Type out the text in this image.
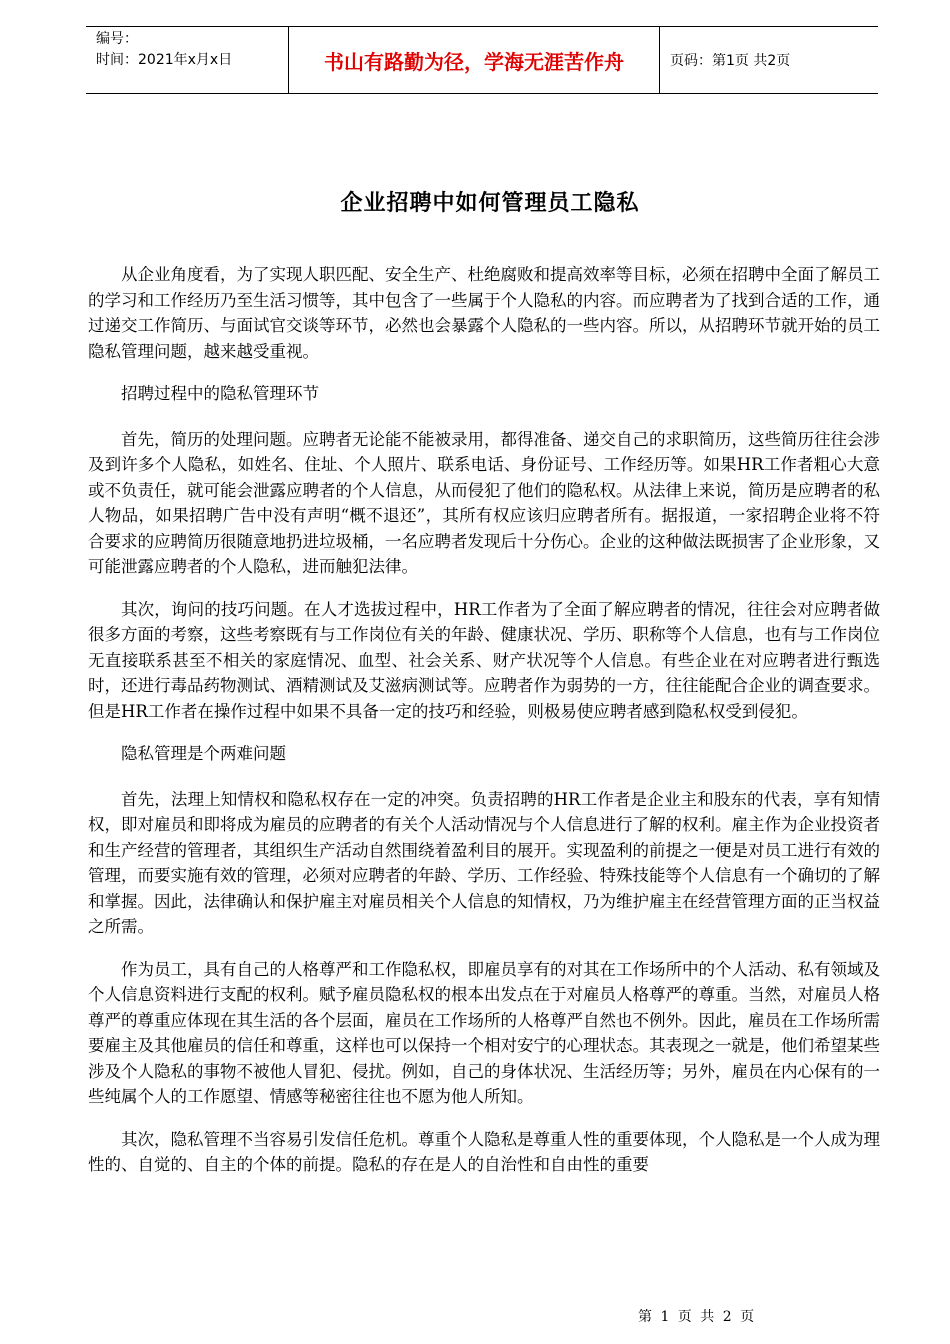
编号：
时间：2021年x月x日	书山有路勤为径，学海无涯苦作舟	页码：第1页 共2页
企业招聘中如何管理员工隐私

从企业角度看，为了实现人职匹配、安全生产、杜绝腐败和提高效率等目标，必须在招聘中全面了解员工的学习和工作经历乃至生活习惯等，其中包含了一些属于个人隐私的内容。而应聘者为了找到合适的工作，通过递交工作简历、与面试官交谈等环节，必然也会暴露个人隐私的一些内容。所以，从招聘环节就开始的员工隐私管理问题，越来越受重视。

招聘过程中的隐私管理环节

首先，简历的处理问题。应聘者无论能不能被录用，都得准备、递交自己的求职简历，这些简历往往会涉及到许多个人隐私，如姓名、住址、个人照片、联系电话、身份证号、工作经历等。如果HR工作者粗心大意或不负责任，就可能会泄露应聘者的个人信息，从而侵犯了他们的隐私权。从法律上来说，简历是应聘者的私人物品，如果招聘广告中没有声明“概不退还”，其所有权应该归应聘者所有。据报道，一家招聘企业将不符合要求的应聘简历很随意地扔进垃圾桶，一名应聘者发现后十分伤心。企业的这种做法既损害了企业形象，又可能泄露应聘者的个人隐私，进而触犯法律。

其次，询问的技巧问题。在人才选拔过程中，HR工作者为了全面了解应聘者的情况，往往会对应聘者做很多方面的考察，这些考察既有与工作岗位有关的年龄、健康状况、学历、职称等个人信息，也有与工作岗位无直接联系甚至不相关的家庭情况、血型、社会关系、财产状况等个人信息。有些企业在对应聘者进行甄选时，还进行毒品药物测试、酒精测试及艾滋病测试等。应聘者作为弱势的一方，往往能配合企业的调查要求。但是HR工作者在操作过程中如果不具备一定的技巧和经验，则极易使应聘者感到隐私权受到侵犯。

隐私管理是个两难问题

首先，法理上知情权和隐私权存在一定的冲突。负责招聘的HR工作者是企业主和股东的代表，享有知情权，即对雇员和即将成为雇员的应聘者的有关个人活动情况与个人信息进行了解的权利。雇主作为企业投资者和生产经营的管理者，其组织生产活动自然围绕着盈利目的展开。实现盈利的前提之一便是对员工进行有效的管理，而要实施有效的管理，必须对应聘者的年龄、学历、工作经验、特殊技能等个人信息有一个确切的了解和掌握。因此，法律确认和保护雇主对雇员相关个人信息的知情权，乃为维护雇主在经营管理方面的正当权益之所需。

作为员工，具有自己的人格尊严和工作隐私权，即雇员享有的对其在工作场所中的个人活动、私有领域及个人信息资料进行支配的权利。赋予雇员隐私权的根本出发点在于对雇员人格尊严的尊重。当然，对雇员人格尊严的尊重应体现在其生活的各个层面，雇员在工作场所的人格尊严自然也不例外。因此，雇员在工作场所需要雇主及其他雇员的信任和尊重，这样也可以保持一个相对安宁的心理状态。其表现之一就是，他们希望某些涉及个人隐私的事物不被他人冒犯、侵扰。例如，自己的身体状况、生活经历等；另外，雇员在内心保有的一些纯属个人的工作愿望、情感等秘密往往也不愿为他人所知。

其次，隐私管理不当容易引发信任危机。尊重个人隐私是尊重人性的重要体现，个人隐私是一个人成为理性的、自觉的、自主的个体的前提。隐私的存在是人的自治性和自由性的重要

第 1 页 共 2 页
